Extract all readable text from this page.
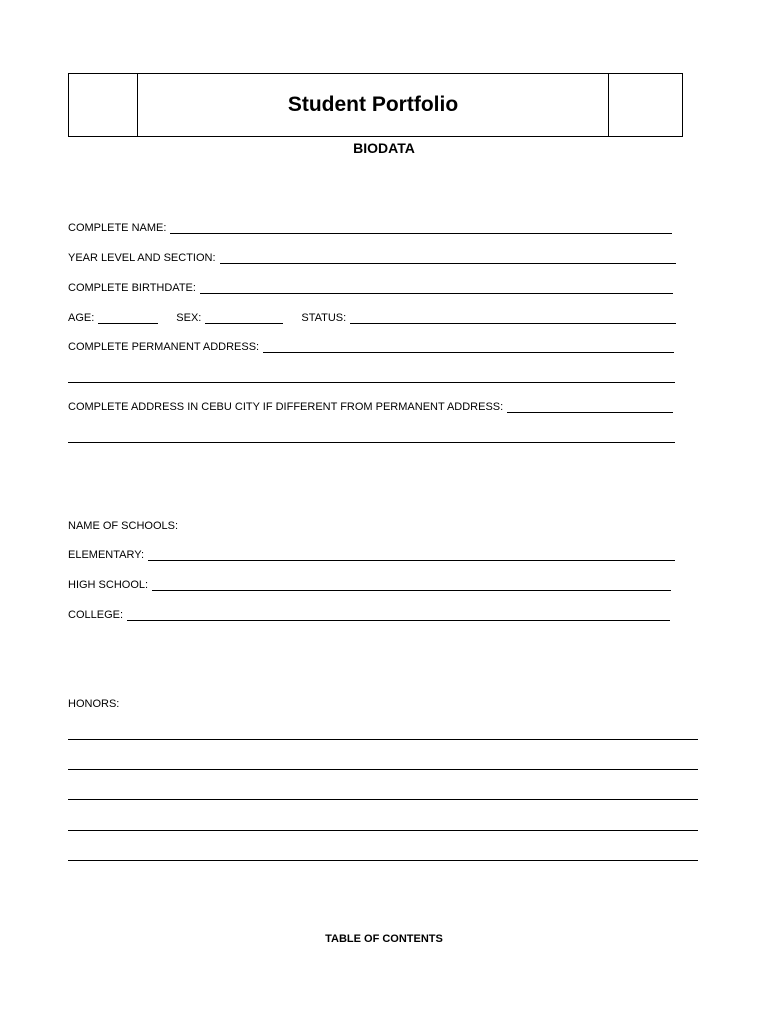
Student Portfolio
BIODATA
COMPLETE NAME:
YEAR LEVEL AND SECTION:
COMPLETE BIRTHDATE:
AGE:	SEX:	STATUS:
COMPLETE PERMANENT ADDRESS:
COMPLETE ADDRESS IN CEBU CITY IF DIFFERENT FROM PERMANENT ADDRESS:
NAME OF SCHOOLS:
ELEMENTARY:
HIGH SCHOOL:
COLLEGE:
HONORS:
TABLE OF CONTENTS
